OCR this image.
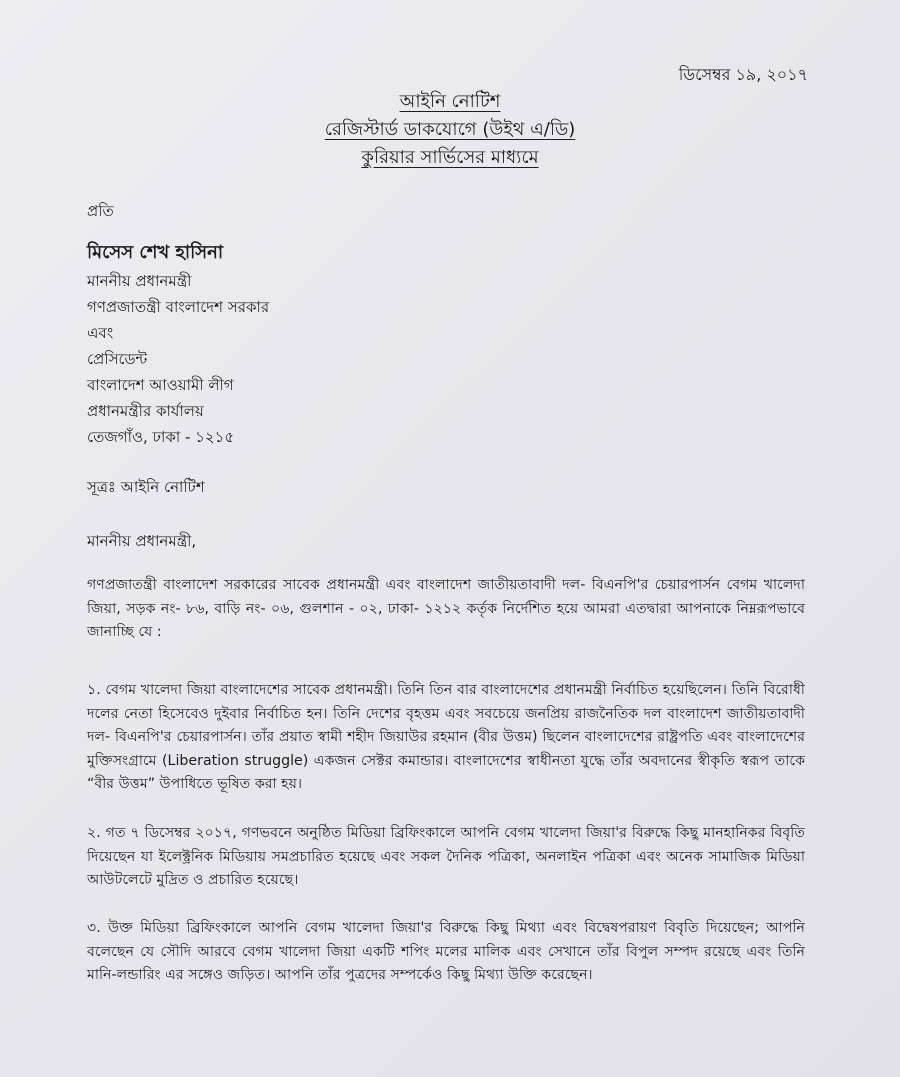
ডিসেম্বর ১৯, ২০১৭
আইনি নোটিশ
রেজিস্টার্ড ডাকযোগে (উইথ এ/ডি)
কুরিয়ার সার্ভিসের মাধ্যমে
প্রতি
মিসেস শেখ হাসিনা
মাননীয় প্রধানমন্ত্রী
গণপ্রজাতন্ত্রী বাংলাদেশ সরকার
এবং
প্রেসিডেন্ট
বাংলাদেশ আওয়ামী লীগ
প্রধানমন্ত্রীর কার্যালয়
তেজগাঁও, ঢাকা - ১২১৫
সূত্রঃ আইনি নোটিশ
মাননীয় প্রধানমন্ত্রী,
গণপ্রজাতন্ত্রী বাংলাদেশ সরকারের সাবেক প্রধানমন্ত্রী এবং বাংলাদেশ জাতীয়তাবাদী দল- বিএনপি'র চেয়ারপার্সন বেগম খালেদা জিয়া, সড়ক নং- ৮৬, বাড়ি নং- ০৬, গুলশান - ০২, ঢাকা- ১২১২ কর্তৃক নির্দেশিত হয়ে আমরা এতদ্বারা আপনাকে নিম্নরূপভাবে জানাচ্ছি যে :
১. বেগম খালেদা জিয়া বাংলাদেশের সাবেক প্রধানমন্ত্রী। তিনি তিন বার বাংলাদেশের প্রধানমন্ত্রী নির্বাচিত হয়েছিলেন। তিনি বিরোধী দলের নেতা হিসেবেও দুইবার নির্বাচিত হন। তিনি দেশের বৃহত্তম এবং সবচেয়ে জনপ্রিয় রাজনৈতিক দল বাংলাদেশ জাতীয়তাবাদী দল- বিএনপি'র চেয়ারপার্সন। তাঁর প্রয়াত স্বামী শহীদ জিয়াউর রহমান (বীর উত্তম) ছিলেন বাংলাদেশের রাষ্ট্রপতি এবং বাংলাদেশের মুক্তিসংগ্রামে (Liberation struggle) একজন সেক্টর কমান্ডার। বাংলাদেশের স্বাধীনতা যুদ্ধে তাঁর অবদানের স্বীকৃতি স্বরূপ তাকে “বীর উত্তম” উপাধিতে ভূষিত করা হয়।
২. গত ৭ ডিসেম্বর ২০১৭, গণভবনে অনুষ্ঠিত মিডিয়া ব্রিফিংকালে আপনি বেগম খালেদা জিয়া'র বিরুদ্ধে কিছু মানহানিকর বিবৃতি দিয়েছেন যা ইলেক্ট্রনিক মিডিয়ায় সমপ্রচারিত হয়েছে এবং সকল দৈনিক পত্রিকা, অনলাইন পত্রিকা এবং অনেক সামাজিক মিডিয়া আউটলেটে মুদ্রিত ও প্রচারিত হয়েছে।
৩. উক্ত মিডিয়া ব্রিফিংকালে আপনি বেগম খালেদা জিয়া'র বিরুদ্ধে কিছু মিথ্যা এবং বিদ্বেষপরায়ণ বিবৃতি দিয়েছেন; আপনি বলেছেন যে সৌদি আরবে বেগম খালেদা জিয়া একটি শপিং মলের মালিক এবং সেখানে তাঁর বিপুল সম্পদ রয়েছে এবং তিনি মানি-লন্ডারিং এর সঙ্গেও জড়িত। আপনি তাঁর পুত্রদের সম্পর্কেও কিছু মিথ্যা উক্তি করেছেন।
